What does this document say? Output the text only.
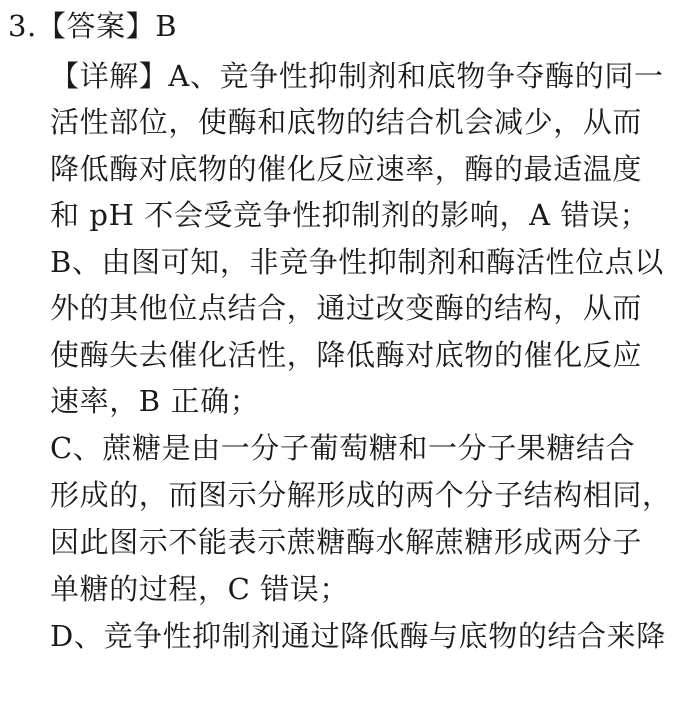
3.【答案】B
【详解】A、竞争性抑制剂和底物争夺酶的同一
活性部位，使酶和底物的结合机会减少，从而
降低酶对底物的催化反应速率，酶的最适温度
和 pH 不会受竞争性抑制剂的影响，A 错误；
B、由图可知，非竞争性抑制剂和酶活性位点以
外的其他位点结合，通过改变酶的结构，从而
使酶失去催化活性，降低酶对底物的催化反应
速率，B 正确；
C、蔗糖是由一分子葡萄糖和一分子果糖结合
形成的，而图示分解形成的两个分子结构相同，
因此图示不能表示蔗糖酶水解蔗糖形成两分子
单糖的过程，C 错误；
D、竞争性抑制剂通过降低酶与底物的结合来降
